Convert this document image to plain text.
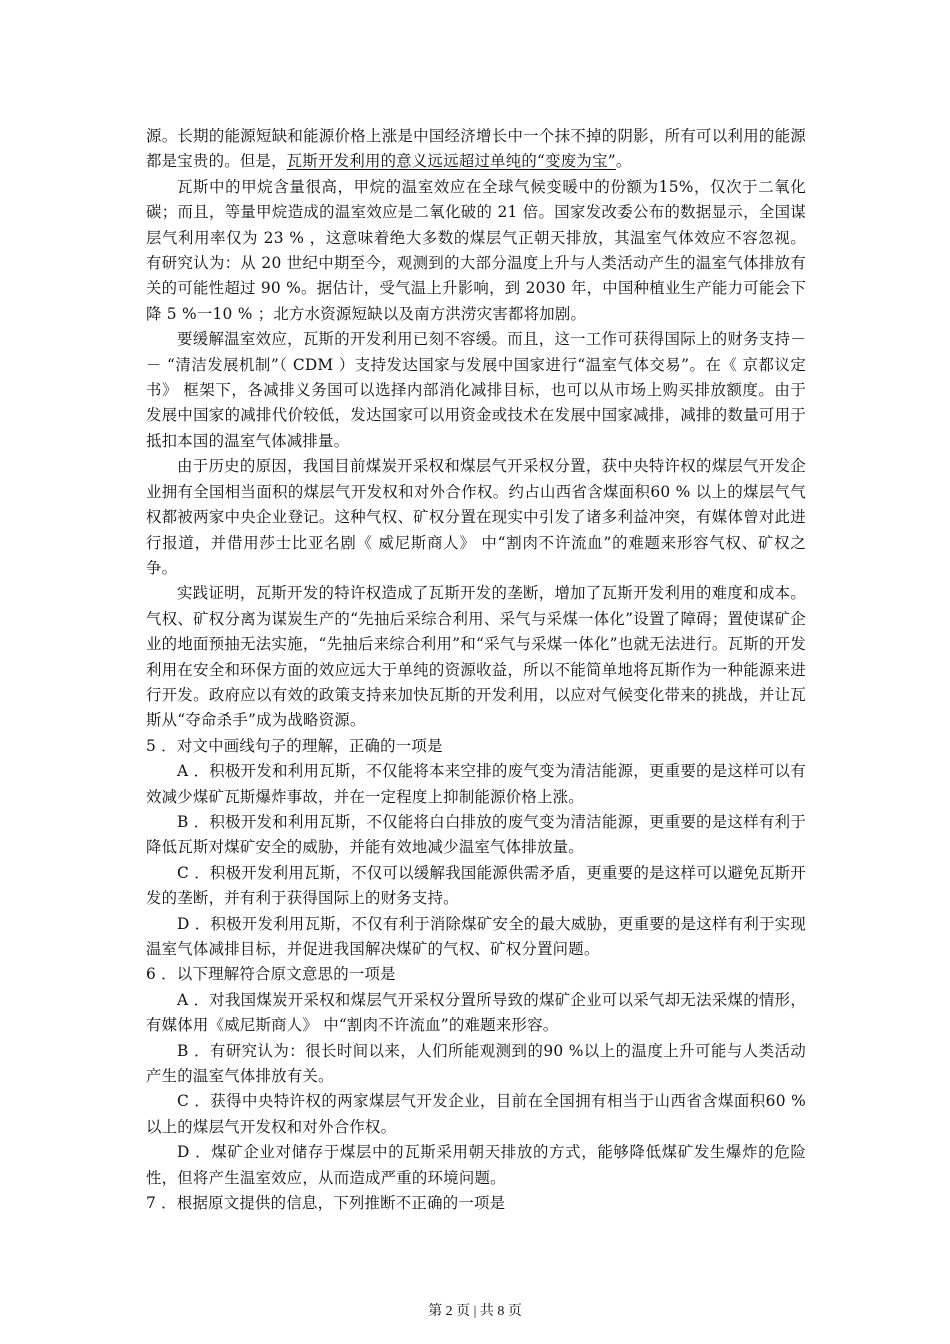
源。长期的能源短缺和能源价格上涨是中国经济增长中一个抹不掉的阴影，所有可以利用的能源都是宝贵的。但是，瓦斯开发利用的意义远远超过单纯的“变废为宝”。

瓦斯中的甲烷含量很高，甲烷的温室效应在全球气候变暖中的份额为15%，仅次于二氧化碳；而且，等量甲烷造成的温室效应是二氧化破的 21 倍。国家发改委公布的数据显示，全国谋层气利用率仅为 23 % ，这意味着绝大多数的煤层气正朝天排放，其温室气体效应不容忽视。有研究认为：从 20 世纪中期至今，观测到的大部分温度上升与人类活动产生的温室气体排放有关的可能性超过 90 %。据估计，受气温上升影响，到 2030 年，中国种植业生产能力可能会下降 5 %一10 % ；北方水资源短缺以及南方洪涝灾害都将加剧。

要缓解温室效应，瓦斯的开发利用已刻不容缓。而且，这一工作可获得国际上的财务支持－－ “清洁发展机制”（ CDM ）支持发达国家与发展中国家进行“温室气体交易”。在《 京都议定书》 框架下，各减排义务国可以选择内部消化减排目标，也可以从市场上购买排放额度。由于发展中国家的减排代价较低，发达国家可以用资金或技术在发展中国家减排，减排的数量可用于抵扣本国的温室气体减排量。

由于历史的原因，我国目前煤炭开采权和煤层气开采权分置，获中央特许权的煤层气开发企业拥有全国相当面积的煤层气开发权和对外合作权。约占山西省含煤面积60 % 以上的煤层气气权都被两家中央企业登记。这种气权、矿权分置在现实中引发了诸多利益冲突，有媒体曾对此进行报道，并借用莎士比亚名剧《 威尼斯商人》 中“割肉不许流血”的难题来形容气权、矿权之争。

实践证明，瓦斯开发的特许权造成了瓦斯开发的垄断，增加了瓦斯开发利用的难度和成本。气权、矿权分离为谋炭生产的“先抽后采综合利用、采气与采煤一体化”设置了障碍；置使谋矿企业的地面预抽无法实施，“先抽后来综合利用”和“采气与采煤一体化”也就无法进行。瓦斯的开发利用在安全和环保方面的效应远大于单纯的资源收益，所以不能简单地将瓦斯作为一种能源来进行开发。政府应以有效的政策支持来加快瓦斯的开发利用，以应对气候变化带来的挑战，并让瓦斯从“夺命杀手”成为战略资源。

5 ．对文中画线句子的理解，正确的一项是

A ．积极开发和利用瓦斯，不仅能将本来空排的废气变为清洁能源，更重要的是这样可以有效减少煤矿瓦斯爆炸事故，并在一定程度上抑制能源价格上涨。

B ．积极开发和利用瓦斯，不仅能将白白排放的废气变为清洁能源，更重要的是这样有利于降低瓦斯对煤矿安全的威胁，并能有效地减少温室气体排放量。

C ．积极开发利用瓦斯，不仅可以缓解我国能源供需矛盾，更重要的是这样可以避免瓦斯开发的垄断，并有利于获得国际上的财务支持。

D ．积极开发利用瓦斯，不仅有利于消除煤矿安全的最大威胁，更重要的是这样有利于实现温室气体减排目标，并促进我国解决煤矿的气权、矿权分置问题。

6 ．以下理解符合原文意思的一项是

A ．对我国煤炭开采权和煤层气开采权分置所导致的煤矿企业可以采气却无法采煤的情形，有媒体用《威尼斯商人》 中“割肉不许流血”的难题来形容。

B ．有研究认为：很长时间以来，人们所能观测到的90 %以上的温度上升可能与人类活动产生的温室气体排放有关。

C ．获得中央特许权的两家煤层气开发企业，目前在全国拥有相当于山西省含煤面积60 % 以上的煤层气开发权和对外合作权。

D ．煤矿企业对储存于煤层中的瓦斯采用朝天排放的方式，能够降低煤矿发生爆炸的危险性，但将产生温室效应，从而造成严重的环境问题。

7 ．根据原文提供的信息，下列推断不正确的一项是

第 2 页 | 共 8 页
